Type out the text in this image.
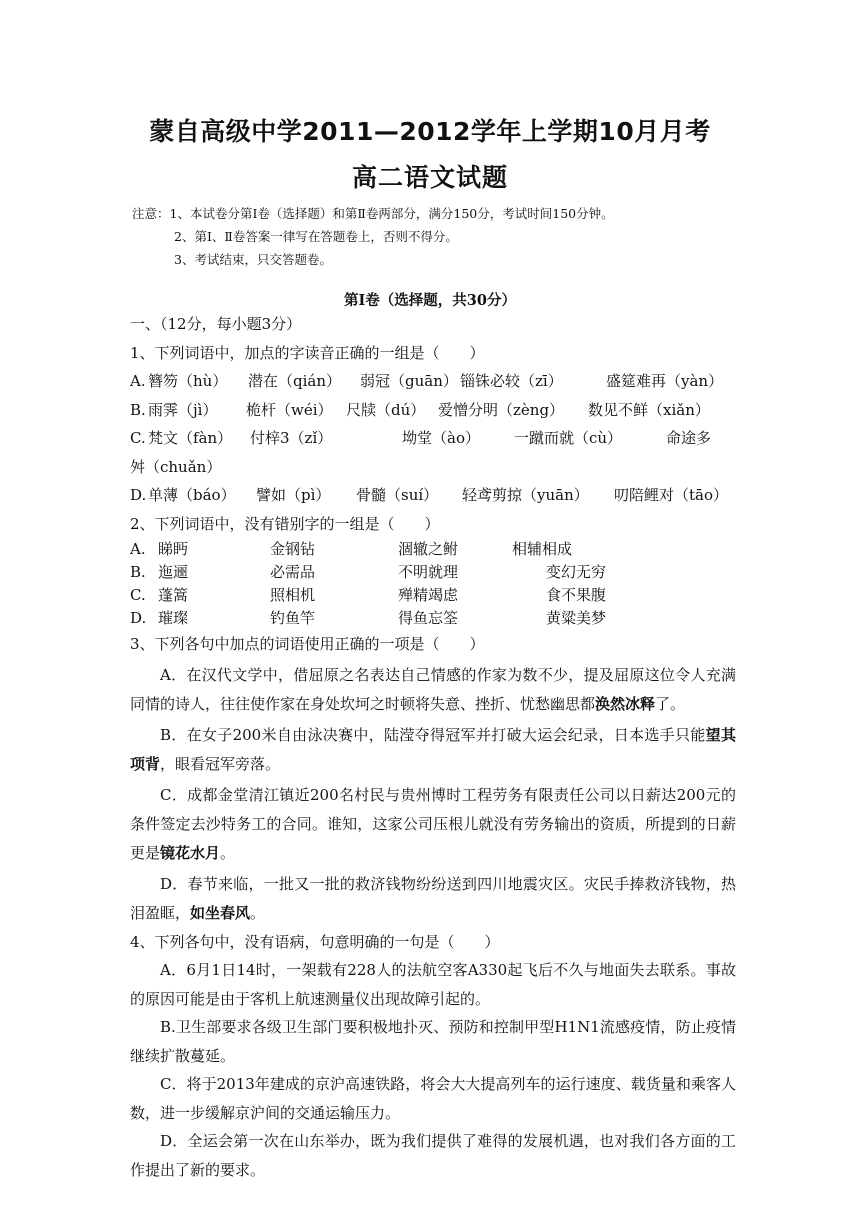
蒙自高级中学2011—2012学年上学期10月月考
高二语文试题
注意：1、本试卷分第Ⅰ卷（选择题）和第Ⅱ卷两部分，满分150分，考试时间150分钟。
2、第Ⅰ、Ⅱ卷答案一律写在答题卷上，否则不得分。
3、考试结束，只交答题卷。
第Ⅰ卷（选择题，共30分）
一、（12分，每小题3分）
1、下列词语中，加点的字读音正确的一组是（　　）
A. 簪笏（hù）	潜在（qián）	弱冠（guān） 锱铢必较（zī）	盛筵难再（yàn）
B. 雨霁（jì）	桅杆（wéi） 尺牍（dú） 爱憎分明（zèng）	数见不鲜（xiǎn）
C. 梵文（fàn）	付梓3（zǐ）	坳堂（ào）	一蹴而就（cù）	命途多
舛（chuǎn）
D. 单薄（báo）	譬如（pì）	骨髓（suí）	轻鸢剪掠（yuān）	叨陪鲤对（tāo）
2、下列词语中，没有错别字的一组是（　　）
A. 睇眄	金钢钻	涸辙之鲋	相辅相成
B. 迤逦	必需品	不明就理	变幻无穷
C. 蓬篙	照相机	殚精竭虑	食不果腹
D. 璀璨	钓鱼竿	得鱼忘筌	黄粱美梦
3、下列各句中加点的词语使用正确的一项是（　　）
A．在汉代文学中，借屈原之名表达自己情感的作家为数不少，提及屈原这位令人充满同情的诗人，往往使作家在身处坎坷之时顿将失意、挫折、忧愁幽思都涣然冰释了。
B．在女子200米自由泳决赛中，陆滢夺得冠军并打破大运会纪录，日本选手只能望其项背，眼看冠军旁落。
C．成都金堂清江镇近200名村民与贵州博时工程劳务有限责任公司以日薪达200元的条件签定去沙特务工的合同。谁知，这家公司压根儿就没有劳务输出的资质，所提到的日薪更是镜花水月。
D．春节来临，一批又一批的救济钱物纷纷送到四川地震灾区。灾民手捧救济钱物，热泪盈眶，如坐春风。
4、下列各句中，没有语病，句意明确的一句是（　　）
A．6月1日14时，一架载有228人的法航空客A330起飞后不久与地面失去联系。事故的原因可能是由于客机上航速测量仪出现故障引起的。
B.卫生部要求各级卫生部门要积极地扑灭、预防和控制甲型H1N1流感疫情，防止疫情继续扩散蔓延。
C．将于2013年建成的京沪高速铁路，将会大大提高列车的运行速度、载货量和乘客人数，进一步缓解京沪间的交通运输压力。
D．全运会第一次在山东举办，既为我们提供了难得的发展机遇，也对我们各方面的工作提出了新的要求。
